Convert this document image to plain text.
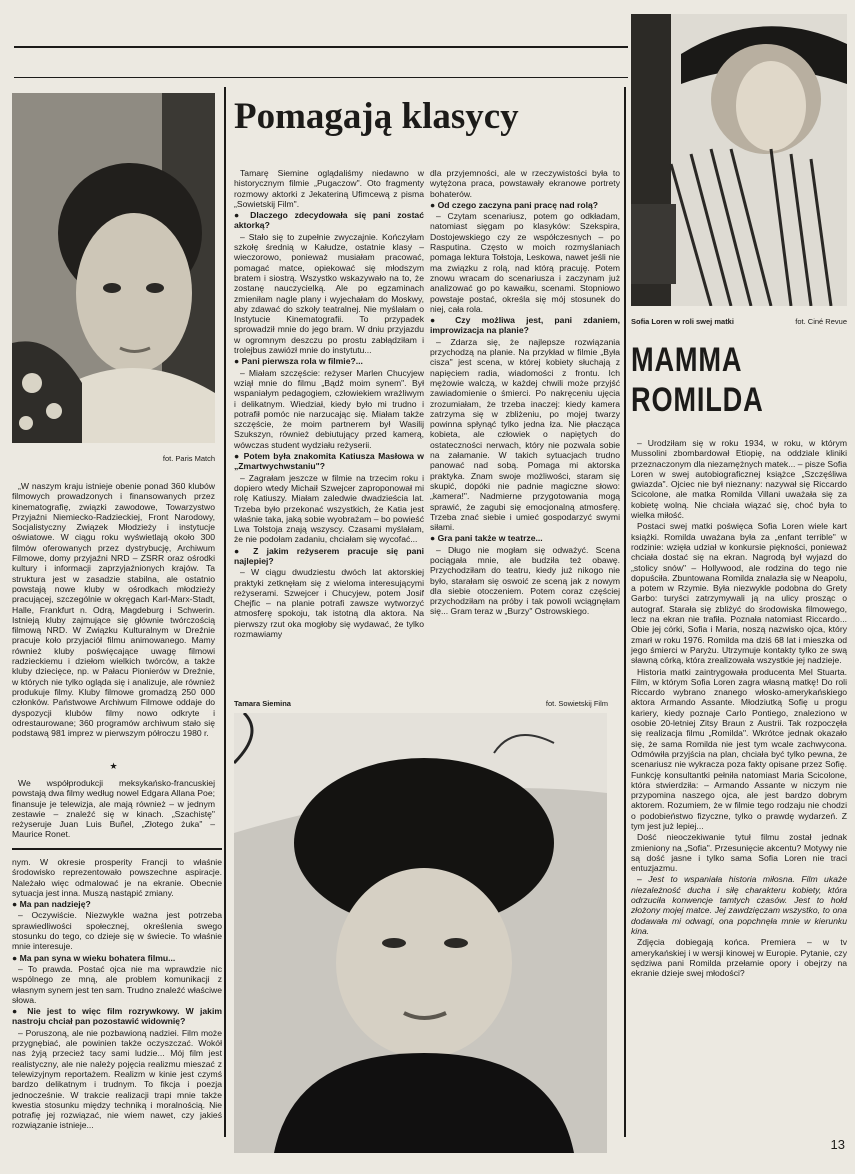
fot. Paris Match

„W naszym kraju istnieje obenie ponad 360 klubów filmowych prowadzonych i finansowanych przez kinematografię, związki zawodowe, Towarzystwo Przyjaźni Niemiecko-Radzieckiej, Front Narodowy, Socjalistyczny Związek Młodzieży i instytucje oświatowe. W ciągu roku wyświetlają około 300 filmów oferowanych przez dystrybucję, Archiwum Filmowe, domy przyjaźni NRD – ZSRR oraz ośrodki kultury i informacji zaprzyjaźnionych krajów. Ta struktura jest w zasadzie stabilna, ale ostatnio powstają nowe kluby w ośrodkach młodzieży pracującej, szczególnie w okręgach Karl-Marx-Stadt, Halle, Frankfurt n. Odrą, Magdeburg i Schwerin. Istnieją kluby zajmujące się głównie twórczością filmową NRD. W Związku Kulturalnym w Dreźnie pracuje koło przyjaciół filmu animowanego. Mamy również kluby poświęcające uwagę filmowi radzieckiemu i dziełom wielkich twórców, a także kluby dziecięce, np. w Pałacu Pionierów w Dreźnie, w których nie tylko ogląda się i analizuje, ale również produkuje filmy. Kluby filmowe gromadzą 250 000 członków. Państwowe Archiwum Filmowe oddaje do dyspozycji klubów filmy nowo odkryte i odrestaurowane; 360 programów archiwum stało się podstawą 981 imprez w pierwszym półroczu 1980 r.

★

We współprodukcji meksykańsko-francuskiej powstają dwa filmy według nowel Edgara Allana Poe; finansuje je telewizja, ale mają również – w jednym zestawie – znaleźć się w kinach. „Szachistę" reżyseruje Juan Luis Buñel, „Złotego żuka" – Maurice Ronet.

nym. W okresie prosperity Francji to właśnie środowisko reprezentowało powszechne aspiracje. Należało więc odmalować je na ekranie. Obecnie sytuacja jest inna. Muszą nastąpić zmiany.

● Ma pan nadzieję?

– Oczywiście. Niezwykle ważna jest potrzeba sprawiedliwości społecznej, określenia swego stosunku do tego, co dzieje się w świecie. To właśnie mnie interesuje.

● Ma pan syna w wieku bohatera filmu...

– To prawda. Postać ojca nie ma wprawdzie nic wspólnego ze mną, ale problem komunikacji z własnym synem jest ten sam. Trudno znaleźć właściwe słowa.

● Nie jest to więc film rozrywkowy. W jakim nastroju chciał pan pozostawić widownię?

– Poruszoną, ale nie pozbawioną nadziei. Film może przygnębiać, ale powinien także oczyszczać. Wokół nas żyją przecież tacy sami ludzie... Mój film jest realistyczny, ale nie należy pojęcia realizmu mieszać z telewizyjnym reportażem. Realizm w kinie jest czymś bardzo delikatnym i trudnym. To fikcja i poezja jednocześnie. W trakcie realizacji trapi mnie także kwestia stosunku między techniką i moralnością. Nie potrafię jej rozwiązać, nie wiem nawet, czy jakieś rozwiązanie istnieje...

Pomagają klasycy

Tamarę Siemine oglądaliśmy niedawno w historycznym filmie „Pugaczow". Oto fragmenty rozmowy aktorki z Jekateriną Ufimcewą z pisma „Sowietskij Film".

● Dlaczego zdecydowała się pani zostać aktorką?

– Stało się to zupełnie zwyczajnie. Kończyłam szkołę średnią w Kałudze, ostatnie klasy – wieczorowo, ponieważ musiałam pracować, pomagać matce, opiekować się młodszym bratem i siostrą. Wszystko wskazywało na to, że zostanę nauczycielką. Ale po egzaminach zmieniłam nagle plany i wyjechałam do Moskwy, aby zdawać do szkoły teatralnej. Nie myślałam o Instytucie Kinematografii. To przypadek sprowadził mnie do jego bram. W dniu przyjazdu w ogromnym deszczu po prostu zabłądziłam i trolejbus zawiózł mnie do instytutu...

● Pani pierwsza rola w filmie?...

– Miałam szczęście: reżyser Marlen Chucyjew wziął mnie do filmu „Bądź moim synem". Był wspaniałym pedagogiem, człowiekiem wrażliwym i delikatnym. Wiedział, kiedy było mi trudno i potrafił pomóc nie narzucając się. Miałam także szczęście, że moim partnerem był Wasilij Szukszyn, również debiutujący przed kamerą, wówczas student wydziału reżyserii.

● Potem była znakomita Katiusza Masłowa w „Zmartwychwstaniu"?

– Zagrałam jeszcze w filmie na trzecim roku i dopiero wtedy Michaił Szwejcer zaproponował mi rolę Katiuszy. Miałam zaledwie dwadzieścia lat. Trzeba było przekonać wszystkich, że Katia jest właśnie taka, jaką sobie wyobrażam – bo powieść Lwa Tołstoja znają wszyscy. Czasami myślałam, że nie podołam zadaniu, chciałam się wycofać...

● Z jakim reżyserem pracuje się pani najlepiej?

– W ciągu dwudziestu dwóch lat aktorskiej praktyki zetknęłam się z wieloma interesującymi reżyserami. Szwejcer i Chucyjew, potem Josif Chejfic – na planie potrafi zawsze wytworzyć atmosferę spokoju, tak istotną dla aktora. Na pierwszy rzut oka mogłoby się wydawać, że tylko rozmawiamy

dla przyjemności, ale w rzeczywistości była to wytężona praca, powstawały ekranowe portrety bohaterów.

● Od czego zaczyna pani pracę nad rolą?

– Czytam scenariusz, potem go odkładam, natomiast sięgam po klasyków: Szekspira, Dostojewskiego czy ze współczesnych – po Rasputina. Często w moich rozmyślaniach pomaga lektura Tołstoja, Leskowa, nawet jeśli nie ma związku z rolą, nad którą pracuję. Potem znowu wracam do scenariusza i zaczynam już analizować go po kawałku, scenami. Stopniowo powstaje postać, określa się mój stosunek do niej, cała rola.

● Czy możliwa jest, pani zdaniem, improwizacja na planie?

– Zdarza się, że najlepsze rozwiązania przychodzą na planie. Na przykład w filmie „Była cisza" jest scena, w której kobiety słuchają z napięciem radia, wiadomości z frontu. Ich mężowie walczą, w każdej chwili może przyjść zawiadomienie o śmierci. Po nakręceniu ujęcia zrozumiałam, że trzeba inaczej: kiedy kamera zatrzyma się w zbliżeniu, po mojej twarzy powinna spłynąć tylko jedna łza. Nie płacząca kobieta, ale człowiek o napiętych do ostateczności nerwach, który nie pozwala sobie na załamanie. W takich sytuacjach trudno panować nad sobą. Pomaga mi aktorska praktyka. Znam swoje możliwości, staram się skupić, dopóki nie padnie magiczne słowo: „kamera!". Nadmierne przygotowania mogą sprawić, że zagubi się emocjonalną atmosferę. Trzeba znać siebie i umieć gospodarzyć swymi siłami.

● Gra pani także w teatrze...

– Długo nie mogłam się odważyć. Scena pociągała mnie, ale budziła też obawę. Przychodziłam do teatru, kiedy już nikogo nie było, starałam się oswoić ze sceną jak z nowym dla siebie otoczeniem. Potem coraz częściej przychodziłam na próby i tak powoli wciągnęłam się... Gram teraz w „Burzy" Ostrowskiego.

Tamara Siemina	fot. Sowietskij Film
Sofia Loren w roli swej matki	fot. Ciné Revue
MAMMA
ROMILDA

– Urodziłam się w roku 1934, w roku, w którym Mussolini zbombardował Etiopię, na oddziale kliniki przeznaczonym dla niezamężnych matek... – pisze Sofia Loren w swej autobiograficznej książce „Szczęśliwa gwiazda". Ojciec nie był nieznany: nazywał się Riccardo Scicolone, ale matka Romilda Villani uważała się za kobietę wolną. Nie chciała wiązać się, choć była to wielka miłość.

Postaci swej matki poświęca Sofia Loren wiele kart książki. Romilda uważana była za „enfant terrible" w rodzinie: wzięła udział w konkursie piękności, ponieważ chciała dostać się na ekran. Nagrodą był wyjazd do „stolicy snów" – Hollywood, ale rodzina do tego nie dopuściła. Zbuntowana Romilda znalazła się w Neapolu, a potem w Rzymie. Była niezwykle podobna do Grety Garbo: turyści zatrzymywali ją na ulicy prosząc o autograf. Starała się zbliżyć do środowiska filmowego, lecz na ekran nie trafiła. Poznała natomiast Riccardo... Obie jej córki, Sofia i Maria, noszą nazwisko ojca, który zmarł w roku 1976. Romilda ma dziś 68 lat i mieszka od jego śmierci w Paryżu. Utrzymuje kontakty tylko ze swą sławną córką, która zrealizowała wszystkie jej nadzieje.

Historia matki zaintrygowała producenta Mel Stuarta. Film, w którym Sofia Loren zagra własną matkę! Do roli Riccardo wybrano znanego włosko-amerykańskiego aktora Armando Assante. Młodziutką Sofię u progu kariery, kiedy poznaje Carlo Pontiego, znaleziono w osobie 20-letniej Zitsy Braun z Austrii. Tak rozpoczęła się realizacja filmu „Romilda". Wkrótce jednak okazało się, że sama Romilda nie jest tym wcale zachwycona. Odmówiła przyjścia na plan, chciała być tylko pewna, że scenariusz nie wykracza poza fakty opisane przez Sofię. Funkcję konsultantki pełniła natomiast Maria Scicolone, która stwierdziła: – Armando Assante w niczym nie przypomina naszego ojca, ale jest bardzo dobrym aktorem. Rozumiem, że w filmie tego rodzaju nie chodzi o podobieństwo fizyczne, tylko o prawdę wydarzeń. Z tym jest już lepiej...

Dość nieoczekiwanie tytuł filmu został jednak zmieniony na „Sofia". Przesunięcie akcentu? Motywy nie są dość jasne i tylko sama Sofia Loren nie traci entuzjazmu.

– Jest to wspaniała historia miłosna. Film ukaże niezależność ducha i siłę charakteru kobiety, która odrzuciła konwencje tamtych czasów. Jest to hołd złożony mojej matce. Jej zawdzięczam wszystko, to ona dodawała mi odwagi, ona popchnęła mnie w kierunku kina.

Zdjęcia dobiegają końca. Premiera – w tv amerykańskiej i w wersji kinowej w Europie. Pytanie, czy sędziwa pani Romilda przełamie opory i obejrzy na ekranie dzieje swej młodości?

13
